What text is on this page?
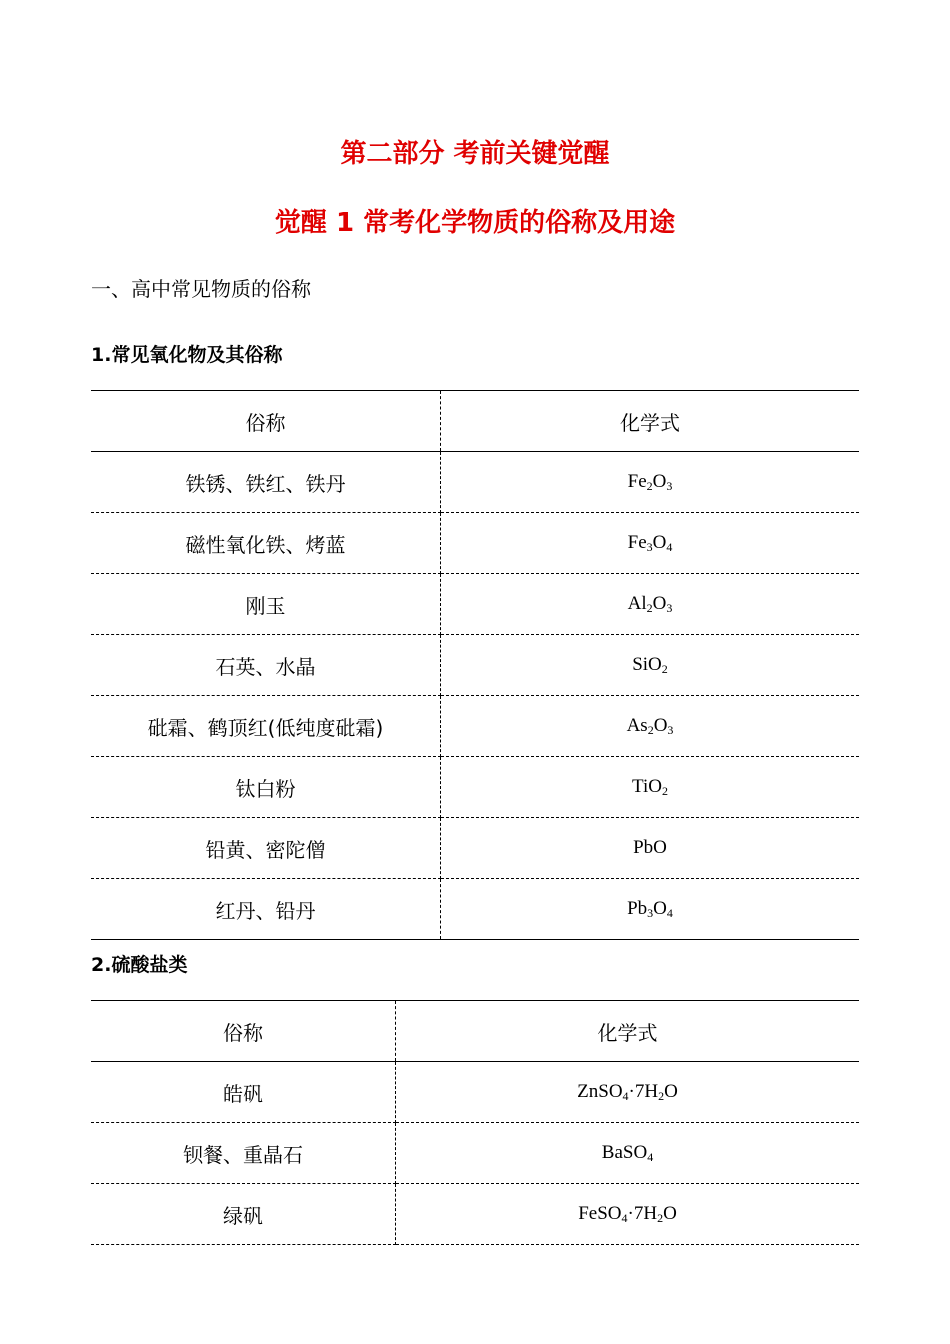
第二部分 考前关键觉醒
觉醒 1 常考化学物质的俗称及用途
一、高中常见物质的俗称
1.常见氧化物及其俗称
俗称	化学式
铁锈、铁红、铁丹	$Fe_2O_3$
磁性氧化铁、烤蓝	$Fe_3O_4$
刚玉	$Al_2O_3$
石英、水晶	SiO$_2$
砒霜、鹤顶红(低纯度砒霜)	$As_2O_3$
钛白粉	TiO$_2$
铅黄、密陀僧	PbO
红丹、铅丹	$Pb_3O_4$
2.硫酸盐类
俗称	化学式
皓矾	$ZnSO_4\cdot 7H_2O$
钡餐、重晶石	BaSO$_4$
绿矾	$FeSO_4\cdot 7H_2O$
